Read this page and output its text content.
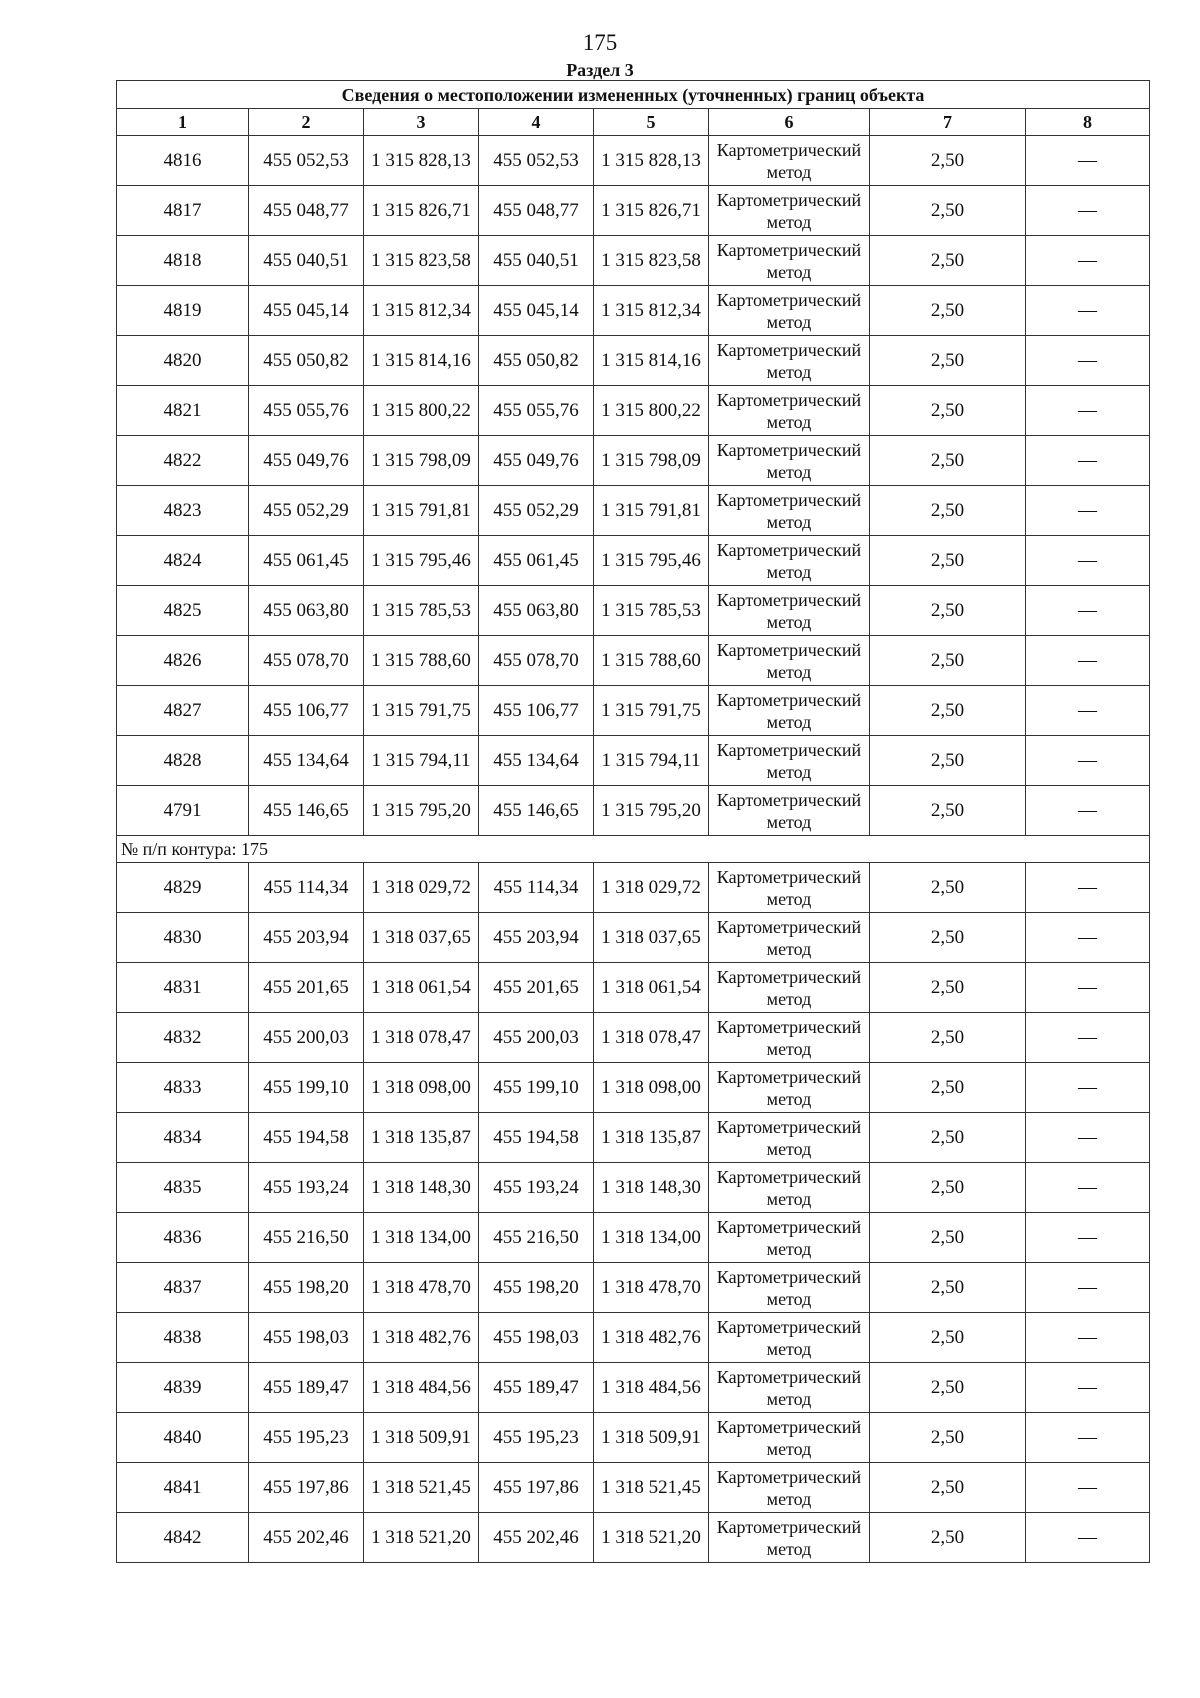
175
Раздел 3
Сведения о местоположении измененных (уточненных) границ объекта							
1	2	3	4	5	6	7	8
4816	455 052,53	1 315 828,13	455 052,53	1 315 828,13	Картометрический метод	2,50	—
4817	455 048,77	1 315 826,71	455 048,77	1 315 826,71	Картометрический метод	2,50	—
4818	455 040,51	1 315 823,58	455 040,51	1 315 823,58	Картометрический метод	2,50	—
4819	455 045,14	1 315 812,34	455 045,14	1 315 812,34	Картометрический метод	2,50	—
4820	455 050,82	1 315 814,16	455 050,82	1 315 814,16	Картометрический метод	2,50	—
4821	455 055,76	1 315 800,22	455 055,76	1 315 800,22	Картометрический метод	2,50	—
4822	455 049,76	1 315 798,09	455 049,76	1 315 798,09	Картометрический метод	2,50	—
4823	455 052,29	1 315 791,81	455 052,29	1 315 791,81	Картометрический метод	2,50	—
4824	455 061,45	1 315 795,46	455 061,45	1 315 795,46	Картометрический метод	2,50	—
4825	455 063,80	1 315 785,53	455 063,80	1 315 785,53	Картометрический метод	2,50	—
4826	455 078,70	1 315 788,60	455 078,70	1 315 788,60	Картометрический метод	2,50	—
4827	455 106,77	1 315 791,75	455 106,77	1 315 791,75	Картометрический метод	2,50	—
4828	455 134,64	1 315 794,11	455 134,64	1 315 794,11	Картометрический метод	2,50	—
4791	455 146,65	1 315 795,20	455 146,65	1 315 795,20	Картометрический метод	2,50	—
№ п/п контура: 175							
4829	455 114,34	1 318 029,72	455 114,34	1 318 029,72	Картометрический метод	2,50	—
4830	455 203,94	1 318 037,65	455 203,94	1 318 037,65	Картометрический метод	2,50	—
4831	455 201,65	1 318 061,54	455 201,65	1 318 061,54	Картометрический метод	2,50	—
4832	455 200,03	1 318 078,47	455 200,03	1 318 078,47	Картометрический метод	2,50	—
4833	455 199,10	1 318 098,00	455 199,10	1 318 098,00	Картометрический метод	2,50	—
4834	455 194,58	1 318 135,87	455 194,58	1 318 135,87	Картометрический метод	2,50	—
4835	455 193,24	1 318 148,30	455 193,24	1 318 148,30	Картометрический метод	2,50	—
4836	455 216,50	1 318 134,00	455 216,50	1 318 134,00	Картометрический метод	2,50	—
4837	455 198,20	1 318 478,70	455 198,20	1 318 478,70	Картометрический метод	2,50	—
4838	455 198,03	1 318 482,76	455 198,03	1 318 482,76	Картометрический метод	2,50	—
4839	455 189,47	1 318 484,56	455 189,47	1 318 484,56	Картометрический метод	2,50	—
4840	455 195,23	1 318 509,91	455 195,23	1 318 509,91	Картометрический метод	2,50	—
4841	455 197,86	1 318 521,45	455 197,86	1 318 521,45	Картометрический метод	2,50	—
4842	455 202,46	1 318 521,20	455 202,46	1 318 521,20	Картометрический метод	2,50	—
